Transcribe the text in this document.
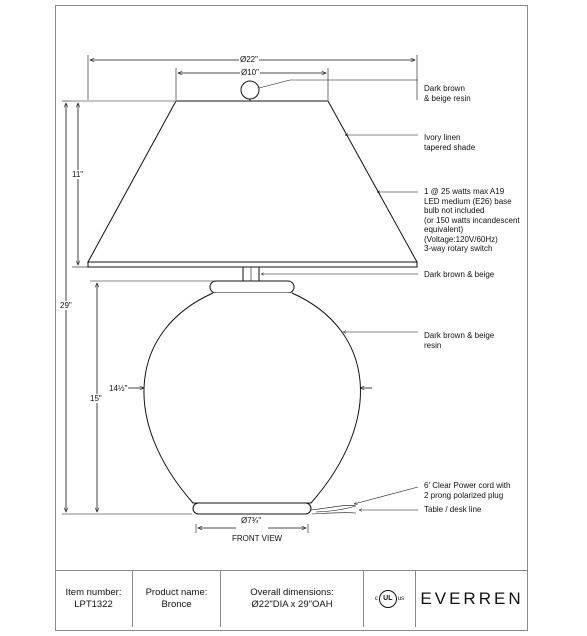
Ø22"
Ø10"
11"
29"
15"
14½"
Ø7¾"
Dark brown
& beige resin
Ivory linen
tapered shade
1 @ 25 watts max A19
LED medium (E26) base
bulb not included
(or 150 watts incandescent
equivalent)
(Voltage:120V/60Hz)
3-way rotary switch
Dark brown & beige
Dark brown & beige
resin
6' Clear Power cord with
2 prong polarized plug
Table / desk line
FRONT VIEW
Item number:
LPT1322
Product name:
Bronce
Overall dimensions:
Ø22"DIA x 29"OAH	c UL us EVERREN
